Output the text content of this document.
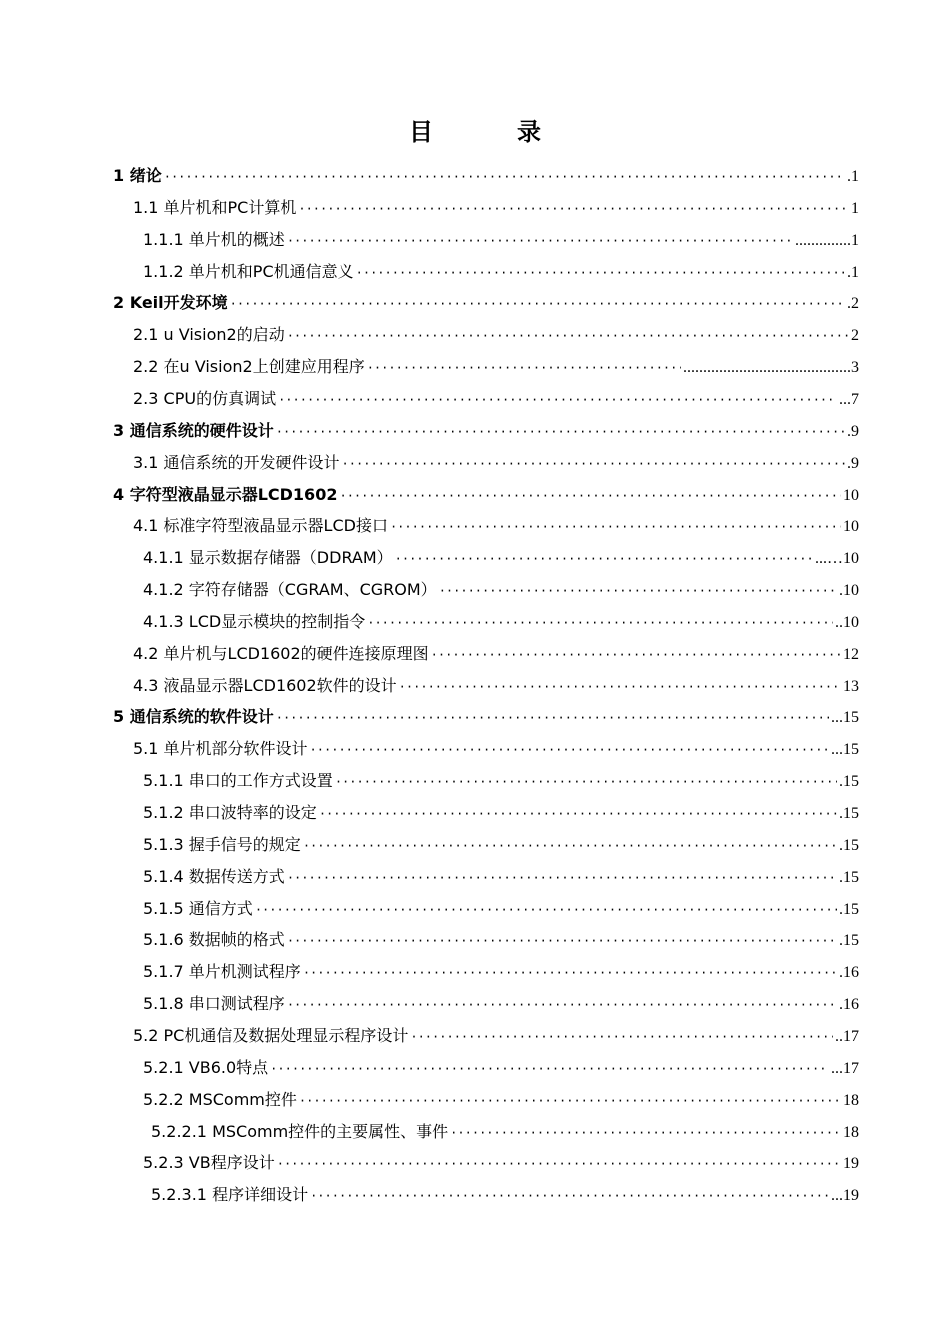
目	录
1 绪论 ·····	.1
1.1 单片机和PC计算机 ·····	1
1.1.1 单片机的概述 ·····	..............1
1.1.2 单片机和PC机通信意义 ·····	.1
2 Keil开发环境 ·····	.2
2.1 u Vision2的启动 ·····	2
2.2 在u Vision2上创建应用程序 ·····	..........................................3
2.3 CPU的仿真调试 ·····	...7
3 通信系统的硬件设计 ·····	.9
3.1 通信系统的开发硬件设计 ·····	.9
4 字符型液晶显示器LCD1602 ·····	10
4.1 标准字符型液晶显示器LCD接口 ·····	10
4.1.1 显示数据存储器（DDRAM） ·····	...…10
4.1.2 字符存储器（CGRAM、CGROM） ·····	.10
4.1.3 LCD显示模块的控制指令 ·····	..10
4.2 单片机与LCD1602的硬件连接原理图 ·····	12
4.3 液晶显示器LCD1602软件的设计 ·····	13
5 通信系统的软件设计 ·····	...15
5.1 单片机部分软件设计 ·····	...15
5.1.1 串口的工作方式设置 ·····	.15
5.1.2 串口波特率的设定 ·····	.15
5.1.3 握手信号的规定 ·····	.15
5.1.4 数据传送方式 ·····	.15
5.1.5 通信方式 ·····	.15
5.1.6 数据帧的格式 ·····	.15
5.1.7 单片机测试程序 ·····	.16
5.1.8 串口测试程序 ·····	.16
5.2 PC机通信及数据处理显示程序设计 ·····	..17
5.2.1 VB6.0特点 ·····	...17
5.2.2 MSComm控件 ·····	18
5.2.2.1 MSComm控件的主要属性、事件 ·····	18
5.2.3 VB程序设计 ·····	19
5.2.3.1 程序详细设计 ·····	...19
